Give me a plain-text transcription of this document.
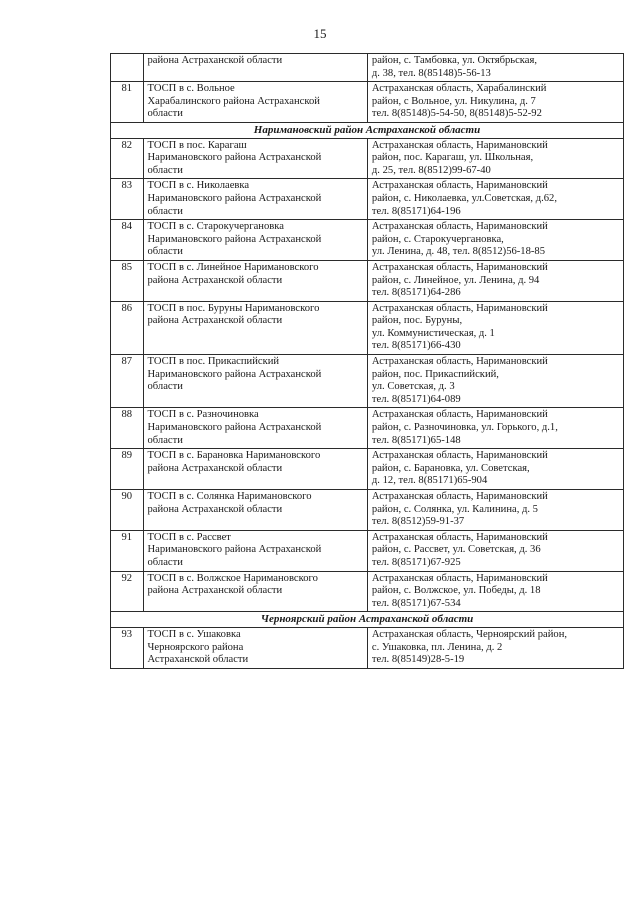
15

	района Астраханской области	район, с. Тамбовка, ул. Октябрьская,
д. 38, тел. 8(85148)5-56-13

81	ТОСП в с. Вольное
Харабалинского района Астраханской
области	Астраханская область, Харабалинский
район, с Вольное, ул. Никулина, д. 7
тел. 8(85148)5-54-50, 8(85148)5-52-92

Наримановский район Астраханской области		
82	ТОСП в пос. Карагаш
Наримановского района Астраханской
области	Астраханская область, Наримановский
район, пос. Карагаш, ул. Школьная,
д. 25, тел. 8(8512)99-67-40

83	ТОСП в с. Николаевка
Наримановского района Астраханской
области	Астраханская область, Наримановский
район, с. Николаевка, ул.Советская, д.62,
тел. 8(85171)64-196

84	ТОСП в с. Старокучергановка
Наримановского района Астраханской
области	Астраханская область, Наримановский
район, с. Старокучергановка,
ул. Ленина, д. 48, тел. 8(8512)56-18-85

85	ТОСП в с. Линейное Наримановского
района Астраханской области	Астраханская область, Наримановский
район, с. Линейное, ул. Ленина, д. 94
тел. 8(85171)64-286

86	ТОСП в пос. Буруны Наримановского
района Астраханской области	Астраханская область, Наримановский
район, пос. Буруны,
ул. Коммунистическая, д. 1
тел. 8(85171)66-430

87	ТОСП в пос. Прикаспийский
Наримановского района Астраханской
области	Астраханская область, Наримановский
район, пос. Прикаспийский,
ул. Советская, д. 3
тел. 8(85171)64-089

88	ТОСП в с. Разночиновка
Наримановского района Астраханской
области	Астраханская область, Наримановский
район, с. Разночиновка, ул. Горького, д.1,
тел. 8(85171)65-148

89	ТОСП в с. Барановка Наримановского
района Астраханской области	Астраханская область, Наримановский
район, с. Барановка, ул. Советская,
д. 12, тел. 8(85171)65-904

90	ТОСП в с. Солянка Наримановского
района Астраханской области	Астраханская область, Наримановский
район, с. Солянка, ул. Калинина, д. 5
тел. 8(8512)59-91-37

91	ТОСП в с. Рассвет
Наримановского района Астраханской
области	Астраханская область, Наримановский
район, с. Рассвет, ул. Советская, д. 36
тел. 8(85171)67-925

92	ТОСП в с. Волжское Наримановского
района Астраханской области	Астраханская область, Наримановский
район, с. Волжское, ул. Победы, д. 18
тел. 8(85171)67-534

Черноярский район Астраханской области		
93	ТОСП в с. Ушаковка
Черноярского района
Астраханской области	Астраханская область, Черноярский район,
с. Ушаковка, пл. Ленина, д. 2
тел. 8(85149)28-5-19
